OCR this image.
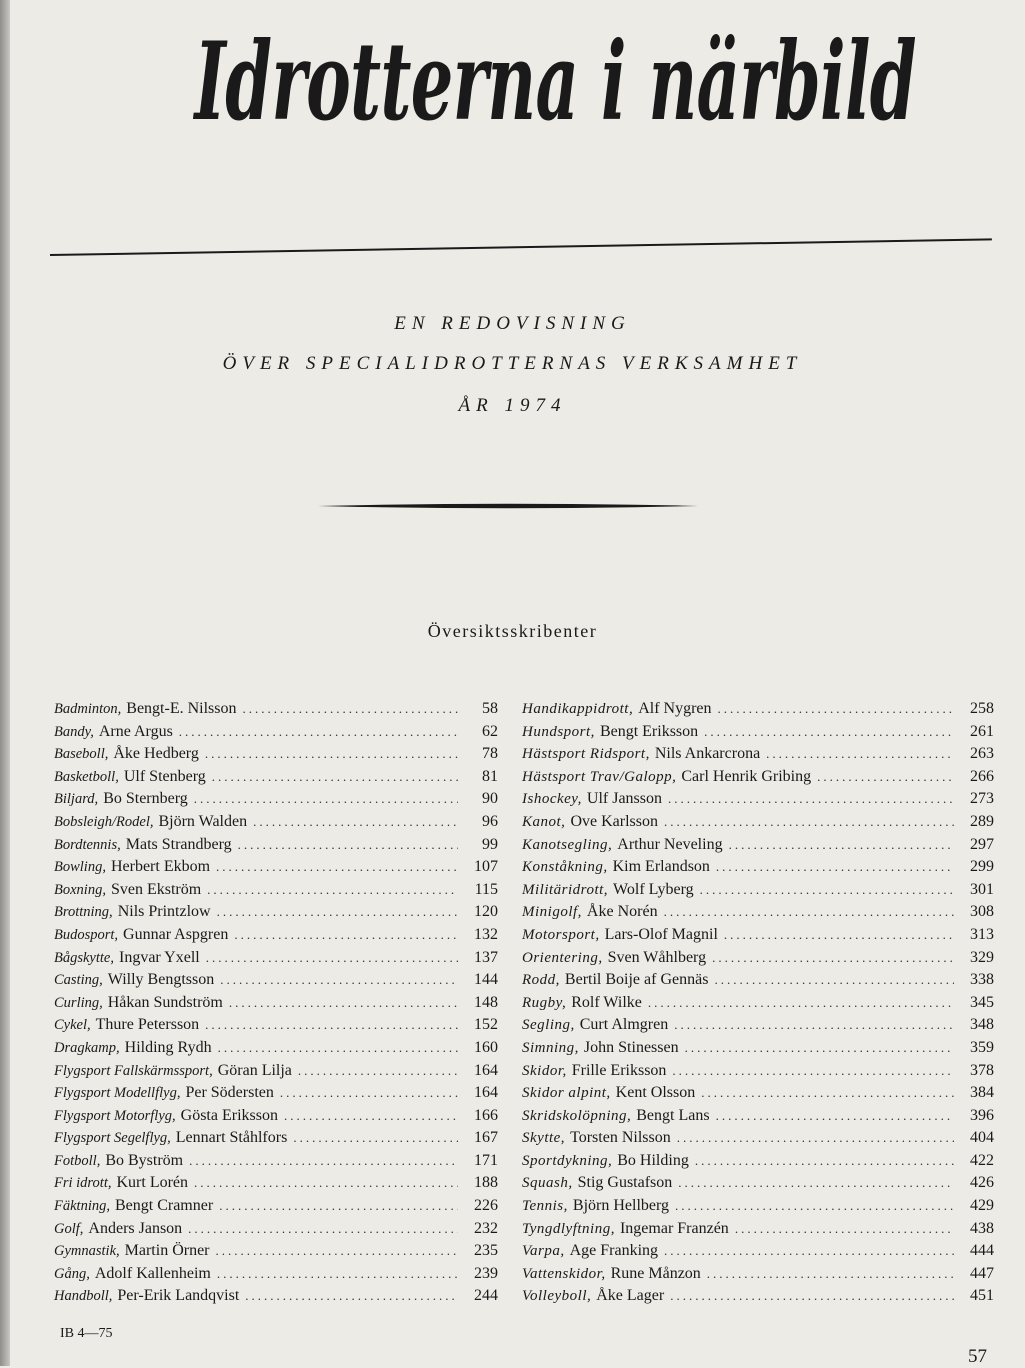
Idrotterna i närbild
EN REDOVISNING
ÖVER SPECIALIDROTTERNAS VERKSAMHET
ÅR 1974
Översiktsskribenter
Badminton, Bengt-E. Nilsson .....	58
Bandy, Arne Argus .....	62
Baseboll, Åke Hedberg .....	78
Basketboll, Ulf Stenberg .....	81
Biljard, Bo Sternberg .....	90
Bobsleigh/Rodel, Björn Walden .....	96
Bordtennis, Mats Strandberg .....	99
Bowling, Herbert Ekbom .....	107
Boxning, Sven Ekström .....	115
Brottning, Nils Printzlow .....	120
Budosport, Gunnar Aspgren .....	132
Bågskytte, Ingvar Yxell .....	137
Casting, Willy Bengtsson .....	144
Curling, Håkan Sundström .....	148
Cykel, Thure Petersson .....	152
Dragkamp, Hilding Rydh .....	160
Flygsport Fallskärmssport, Göran Lilja .....	164
Flygsport Modellflyg, Per Södersten .....	164
Flygsport Motorflyg, Gösta Eriksson .....	166
Flygsport Segelflyg, Lennart Ståhlfors .....	167
Fotboll, Bo Byström .....	171
Fri idrott, Kurt Lorén .....	188
Fäktning, Bengt Cramner .....	226
Golf, Anders Janson .....	232
Gymnastik, Martin Örner .....	235
Gång, Adolf Kallenheim .....	239
Handboll, Per-Erik Landqvist .....	244
Handikappidrott, Alf Nygren .....	258
Hundsport, Bengt Eriksson .....	261
Hästsport Ridsport, Nils Ankarcrona .....	263
Hästsport Trav/Galopp, Carl Henrik Gribing .....	266
Ishockey, Ulf Jansson .....	273
Kanot, Ove Karlsson .....	289
Kanotsegling, Arthur Neveling .....	297
Konståkning, Kim Erlandson .....	299
Militäridrott, Wolf Lyberg .....	301
Minigolf, Åke Norén .....	308
Motorsport, Lars-Olof Magnil .....	313
Orientering, Sven Wåhlberg .....	329
Rodd, Bertil Boije af Gennäs .....	338
Rugby, Rolf Wilke .....	345
Segling, Curt Almgren .....	348
Simning, John Stinessen .....	359
Skidor, Frille Eriksson .....	378
Skidor alpint, Kent Olsson .....	384
Skridskolöpning, Bengt Lans .....	396
Skytte, Torsten Nilsson .....	404
Sportdykning, Bo Hilding .....	422
Squash, Stig Gustafson .....	426
Tennis, Björn Hellberg .....	429
Tyngdlyftning, Ingemar Franzén .....	438
Varpa, Age Franking .....	444
Vattenskidor, Rune Månzon .....	447
Volleyboll, Åke Lager .....	451
IB 4—75
57
